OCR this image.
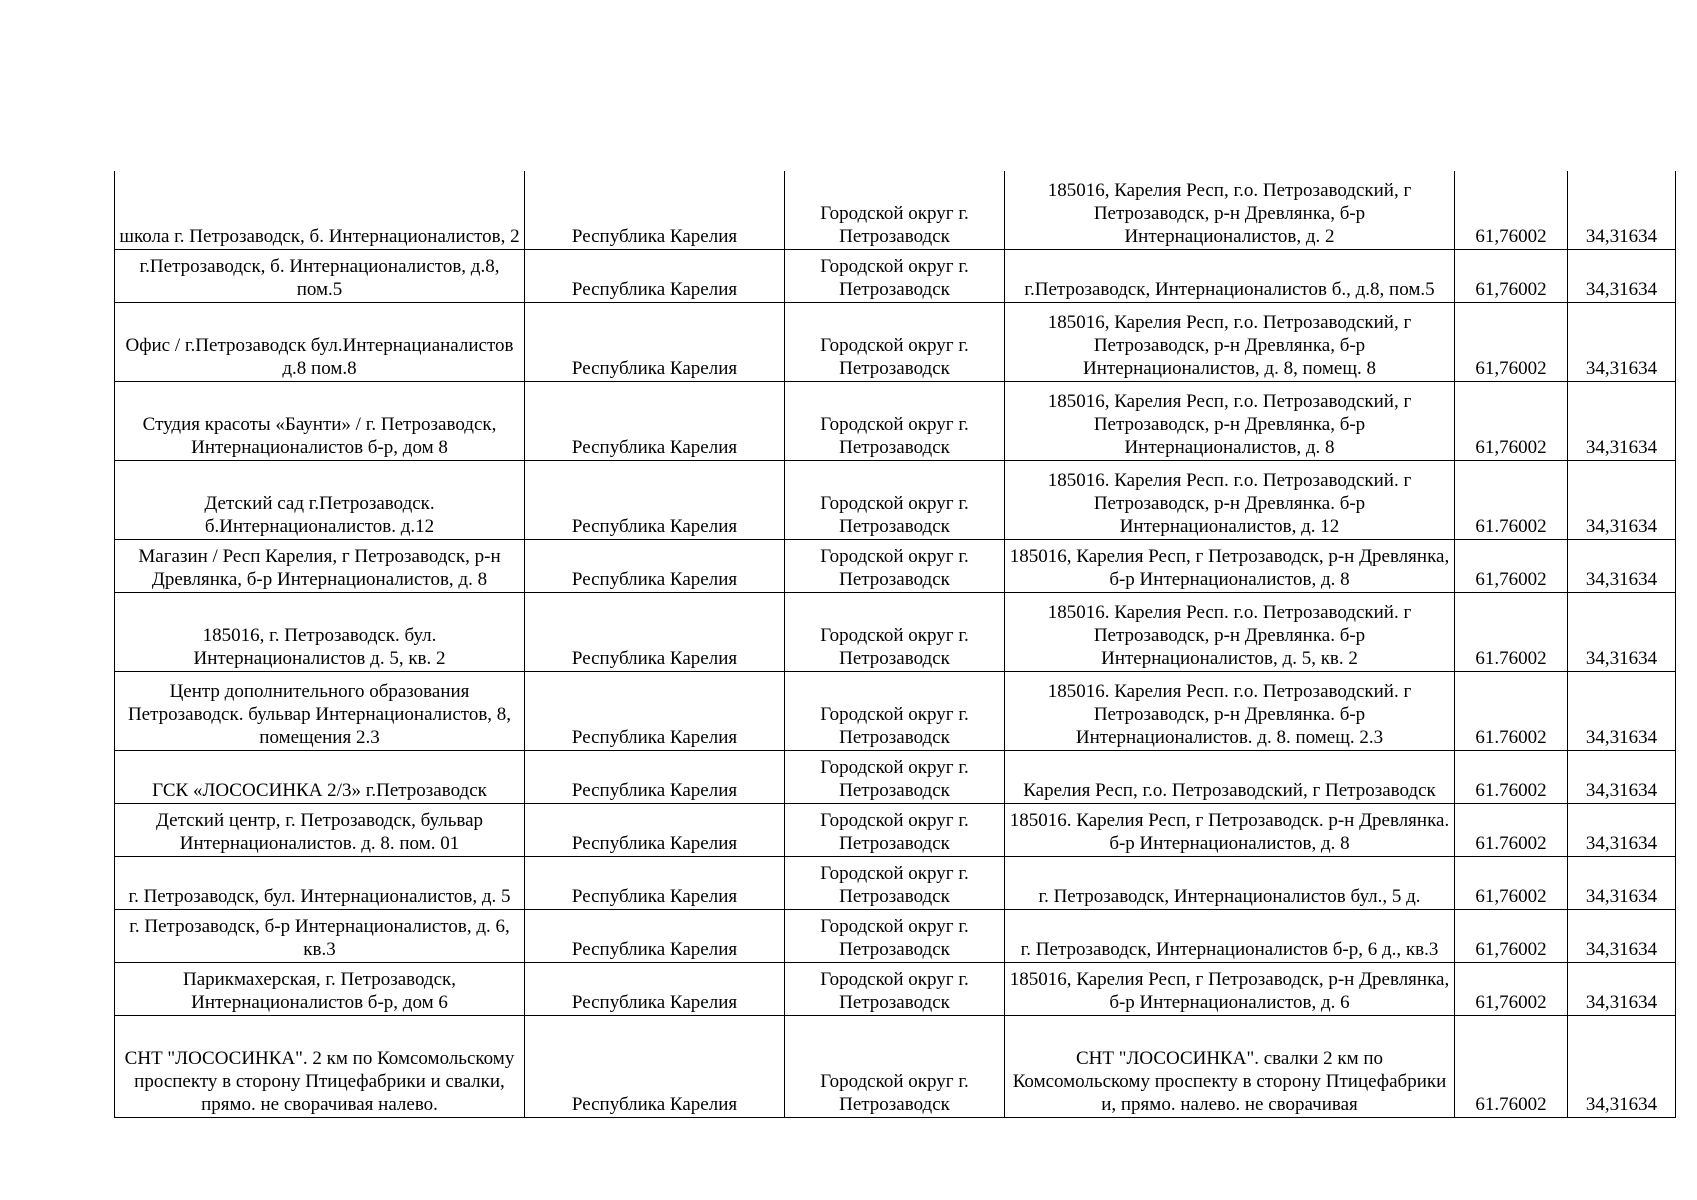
школа г. Петрозаводск, б. Интернационалистов, 2	Республика Карелия	Городской округ г. Петрозаводск	185016, Карелия Респ, г.о. Петрозаводский, г Петрозаводск, р-н Древлянка, б-р Интернационалистов, д. 2	61,76002	34,31634
г.Петрозаводск, б. Интернационалистов, д.8, пом.5	Республика Карелия	Городской округ г. Петрозаводск	г.Петрозаводск, Интернационалистов б., д.8, пом.5	61,76002	34,31634
Офис / г.Петрозаводск бул.Интернацианалистов д.8 пом.8	Республика Карелия	Городской округ г. Петрозаводск	185016, Карелия Респ, г.о. Петрозаводский, г Петрозаводск, р-н Древлянка, б-р Интернационалистов, д. 8, помещ. 8	61,76002	34,31634
Студия красоты «Баунти» / г. Петрозаводск, Интернационалистов б-р, дом 8	Республика Карелия	Городской округ г. Петрозаводск	185016, Карелия Респ, г.о. Петрозаводский, г Петрозаводск, р-н Древлянка, б-р Интернационалистов, д. 8	61,76002	34,31634
Детский сад г.Петрозаводск. б.Интернационалистов. д.12	Республика Карелия	Городской округ г. Петрозаводск	185016. Карелия Респ. г.о. Петрозаводский. г Петрозаводск, р-н Древлянка. б-р Интернационалистов, д. 12	61.76002	34,31634
Магазин / Респ Карелия, г Петрозаводск, р-н Древлянка, б-р Интернационалистов, д. 8	Республика Карелия	Городской округ г. Петрозаводск	185016, Карелия Респ, г Петрозаводск, р-н Древлянка, б-р Интернационалистов, д. 8	61,76002	34,31634
185016, г. Петрозаводск. бул. Интернационалистов д. 5, кв. 2	Республика Карелия	Городской округ г. Петрозаводск	185016. Карелия Респ. г.о. Петрозаводский. г Петрозаводск, р-н Древлянка. б-р Интернационалистов, д. 5, кв. 2	61.76002	34,31634
Центр дополнительного образования Петрозаводск. бульвар Интернационалистов, 8, помещения 2.3	Республика Карелия	Городской округ г. Петрозаводск	185016. Карелия Респ. г.о. Петрозаводский. г Петрозаводск, р-н Древлянка. б-р Интернационалистов. д. 8. помещ. 2.3	61.76002	34,31634
ГСК «ЛОСОСИНКА 2/3» г.Петрозаводск	Республика Карелия	Городской округ г. Петрозаводск	Карелия Респ, г.о. Петрозаводский, г Петрозаводск	61.76002	34,31634
Детский центр, г. Петрозаводск, бульвар Интернационалистов. д. 8. пом. 01	Республика Карелия	Городской округ г. Петрозаводск	185016. Карелия Респ, г Петрозаводск. р-н Древлянка. б-р Интернационалистов, д. 8	61.76002	34,31634
г. Петрозаводск, бул. Интернационалистов, д. 5	Республика Карелия	Городской округ г. Петрозаводск	г. Петрозаводск, Интернационалистов бул., 5 д.	61,76002	34,31634
г. Петрозаводск, б-р Интернационалистов, д. 6, кв.3	Республика Карелия	Городской округ г. Петрозаводск	г. Петрозаводск, Интернационалистов б-р, 6 д., кв.3	61,76002	34,31634
Парикмахерская, г. Петрозаводск, Интернационалистов б-р, дом 6	Республика Карелия	Городской округ г. Петрозаводск	185016, Карелия Респ, г Петрозаводск, р-н Древлянка, б-р Интернационалистов, д. 6	61,76002	34,31634
СНТ "ЛОСОСИНКА". 2 км по Комсомольскому проспекту в сторону Птицефабрики и свалки, прямо. не сворачивая налево.	Республика Карелия	Городской округ г. Петрозаводск	СНТ "ЛОСОСИНКА". свалки 2 км по Комсомольскому проспекту в сторону Птицефабрики и, прямо. налево. не сворачивая	61.76002	34,31634
